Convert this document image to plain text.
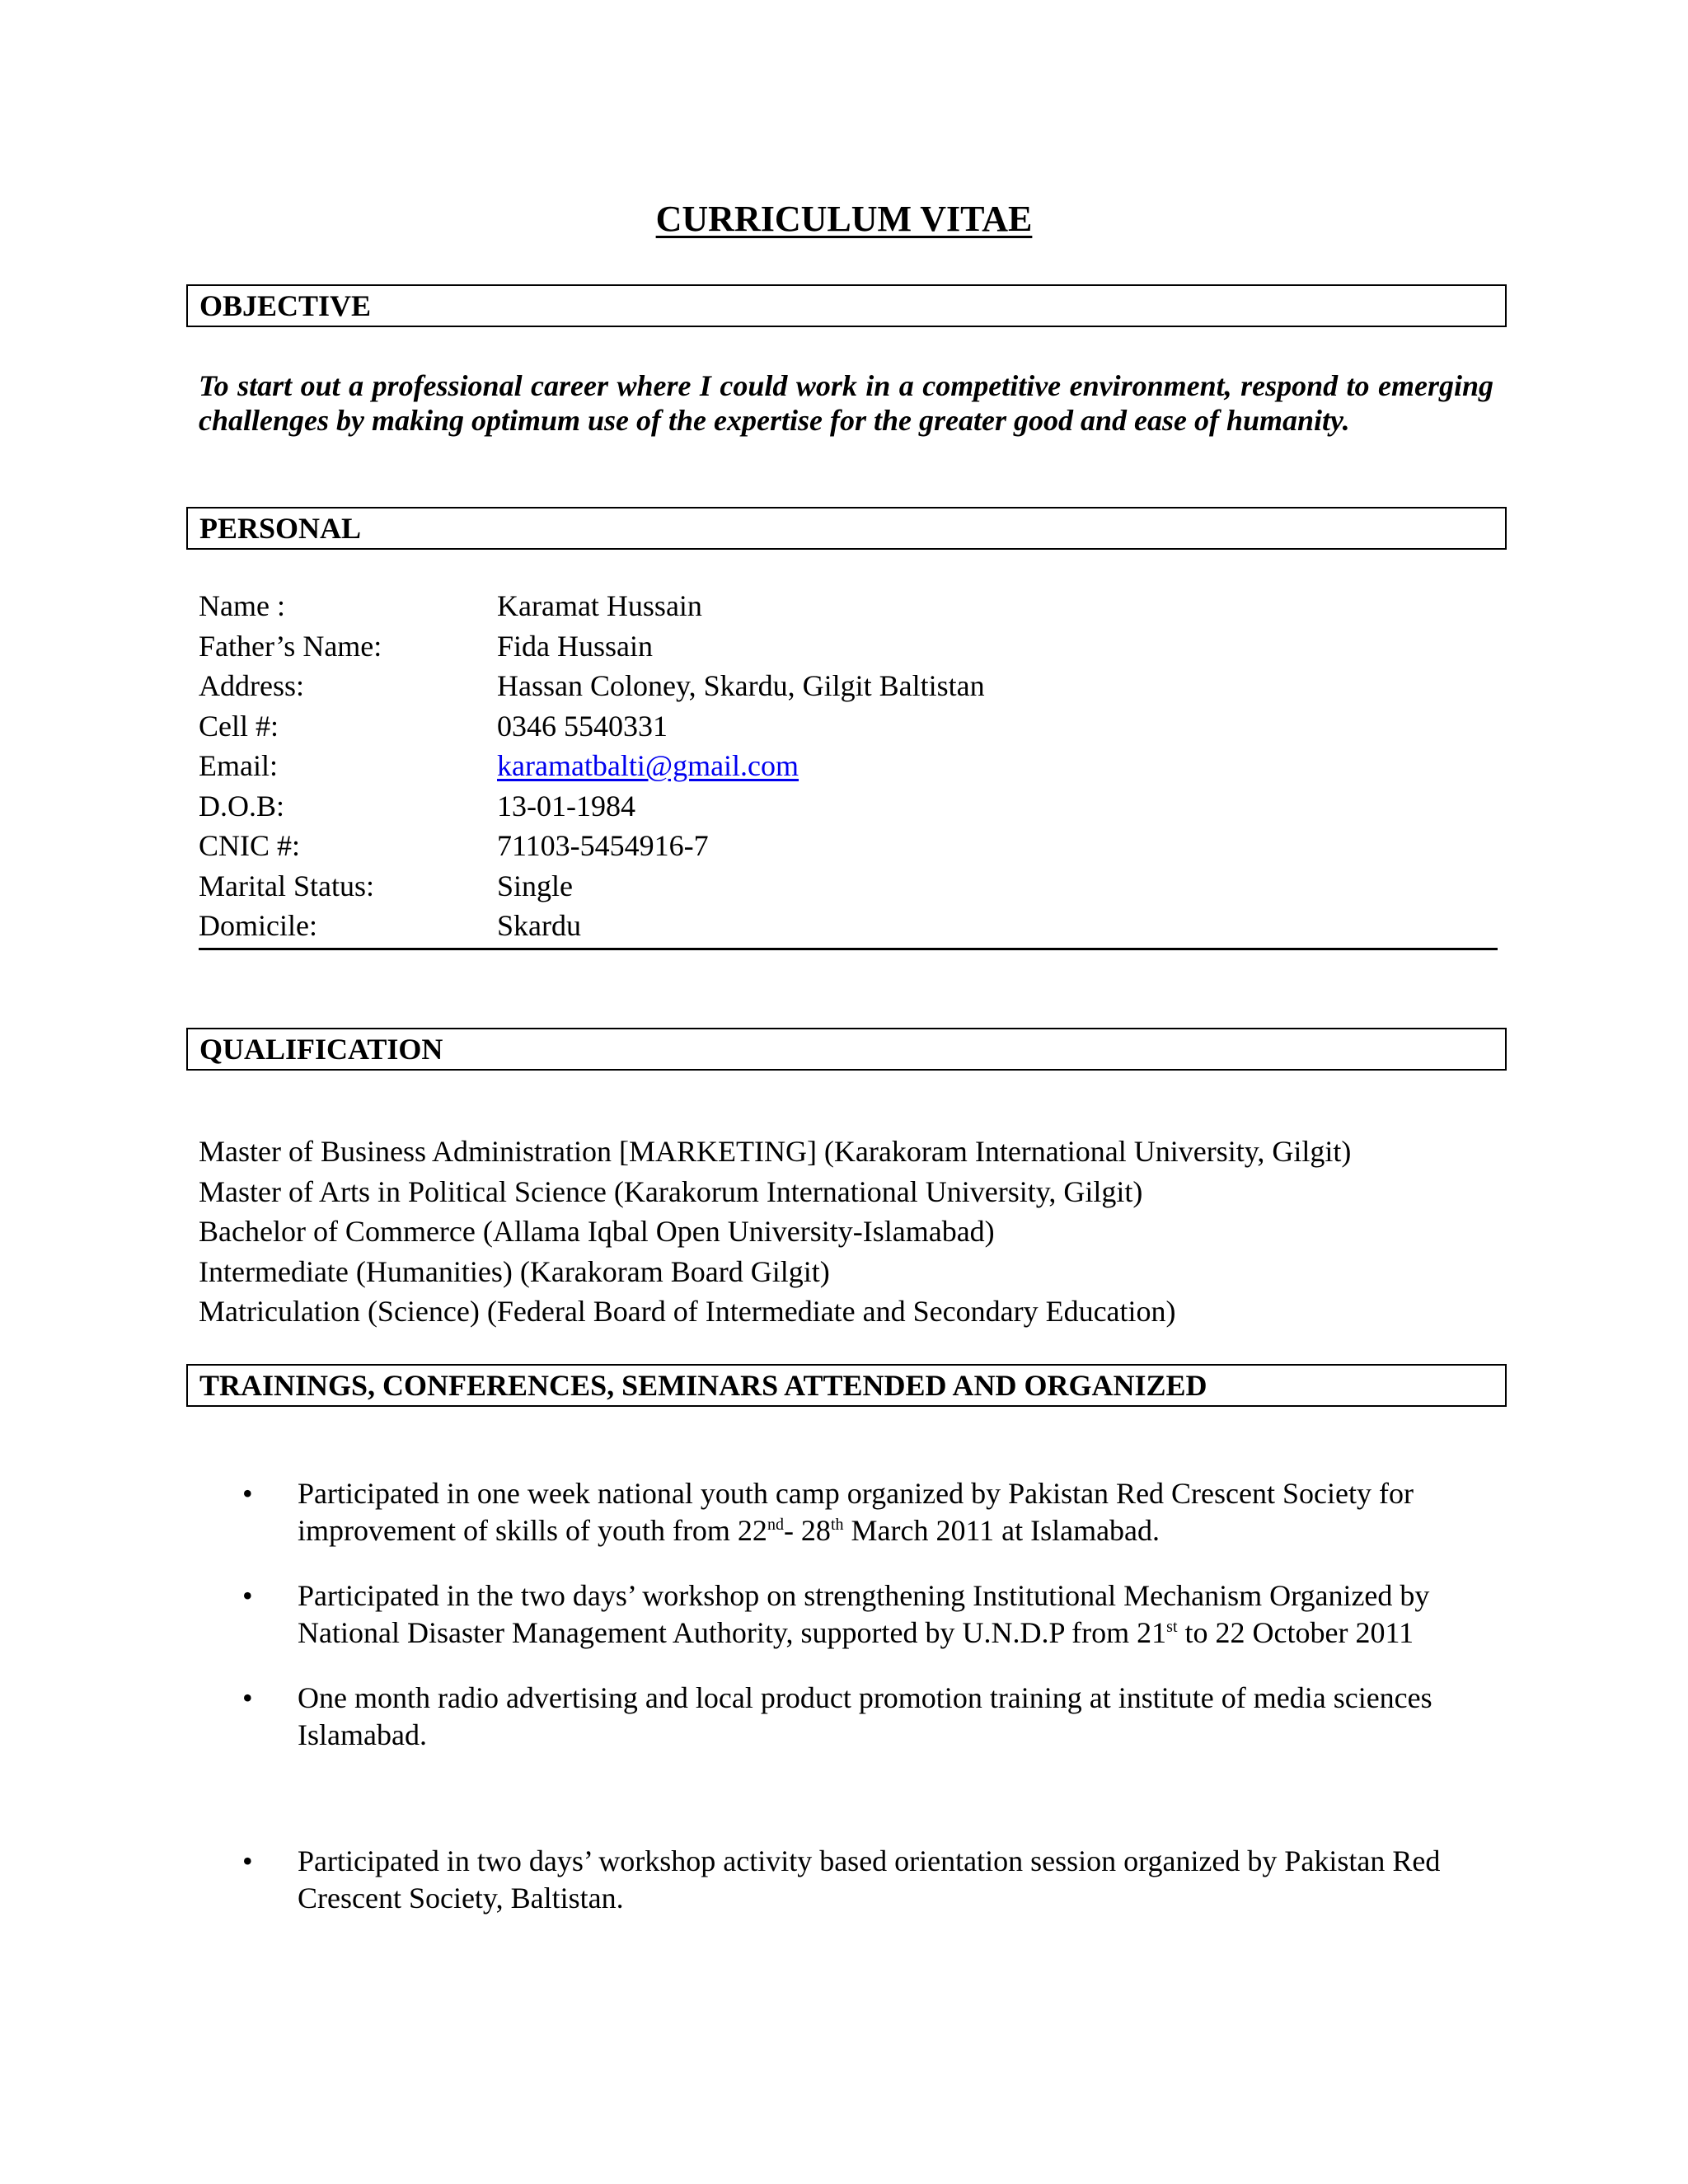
CURRICULUM VITAE
OBJECTIVE
To start out a professional career where I could work in a competitive environment, respond to emerging challenges by making optimum use of the expertise for the greater good and ease of humanity.
PERSONAL
Name :	Karamat Hussain
Father’s Name:	Fida Hussain
Address:	Hassan Coloney, Skardu, Gilgit Baltistan
Cell #:	0346 5540331
Email:	karamatbalti@gmail.com
D.O.B:	13-01-1984
CNIC #:	71103-5454916-7
Marital Status:	Single
Domicile:	Skardu
QUALIFICATION
Master of Business Administration [MARKETING] (Karakoram International University, Gilgit)
Master of Arts in Political Science (Karakorum International University, Gilgit)
Bachelor of Commerce (Allama Iqbal Open University-Islamabad)
Intermediate (Humanities) (Karakoram Board Gilgit)
Matriculation (Science) (Federal Board of Intermediate and Secondary Education)
TRAININGS, CONFERENCES, SEMINARS ATTENDED AND ORGANIZED
• Participated in one week national youth camp organized by Pakistan Red Crescent Society for
improvement of skills of youth from 22nd- 28th March 2011 at Islamabad.
• Participated in the two days’ workshop on strengthening Institutional Mechanism Organized by
National Disaster Management Authority, supported by U.N.D.P from 21st to 22 October 2011
• One month radio advertising and local product promotion training at institute of media sciences
Islamabad.
• Participated in two days’ workshop activity based orientation session organized by Pakistan Red
Crescent Society, Baltistan.
